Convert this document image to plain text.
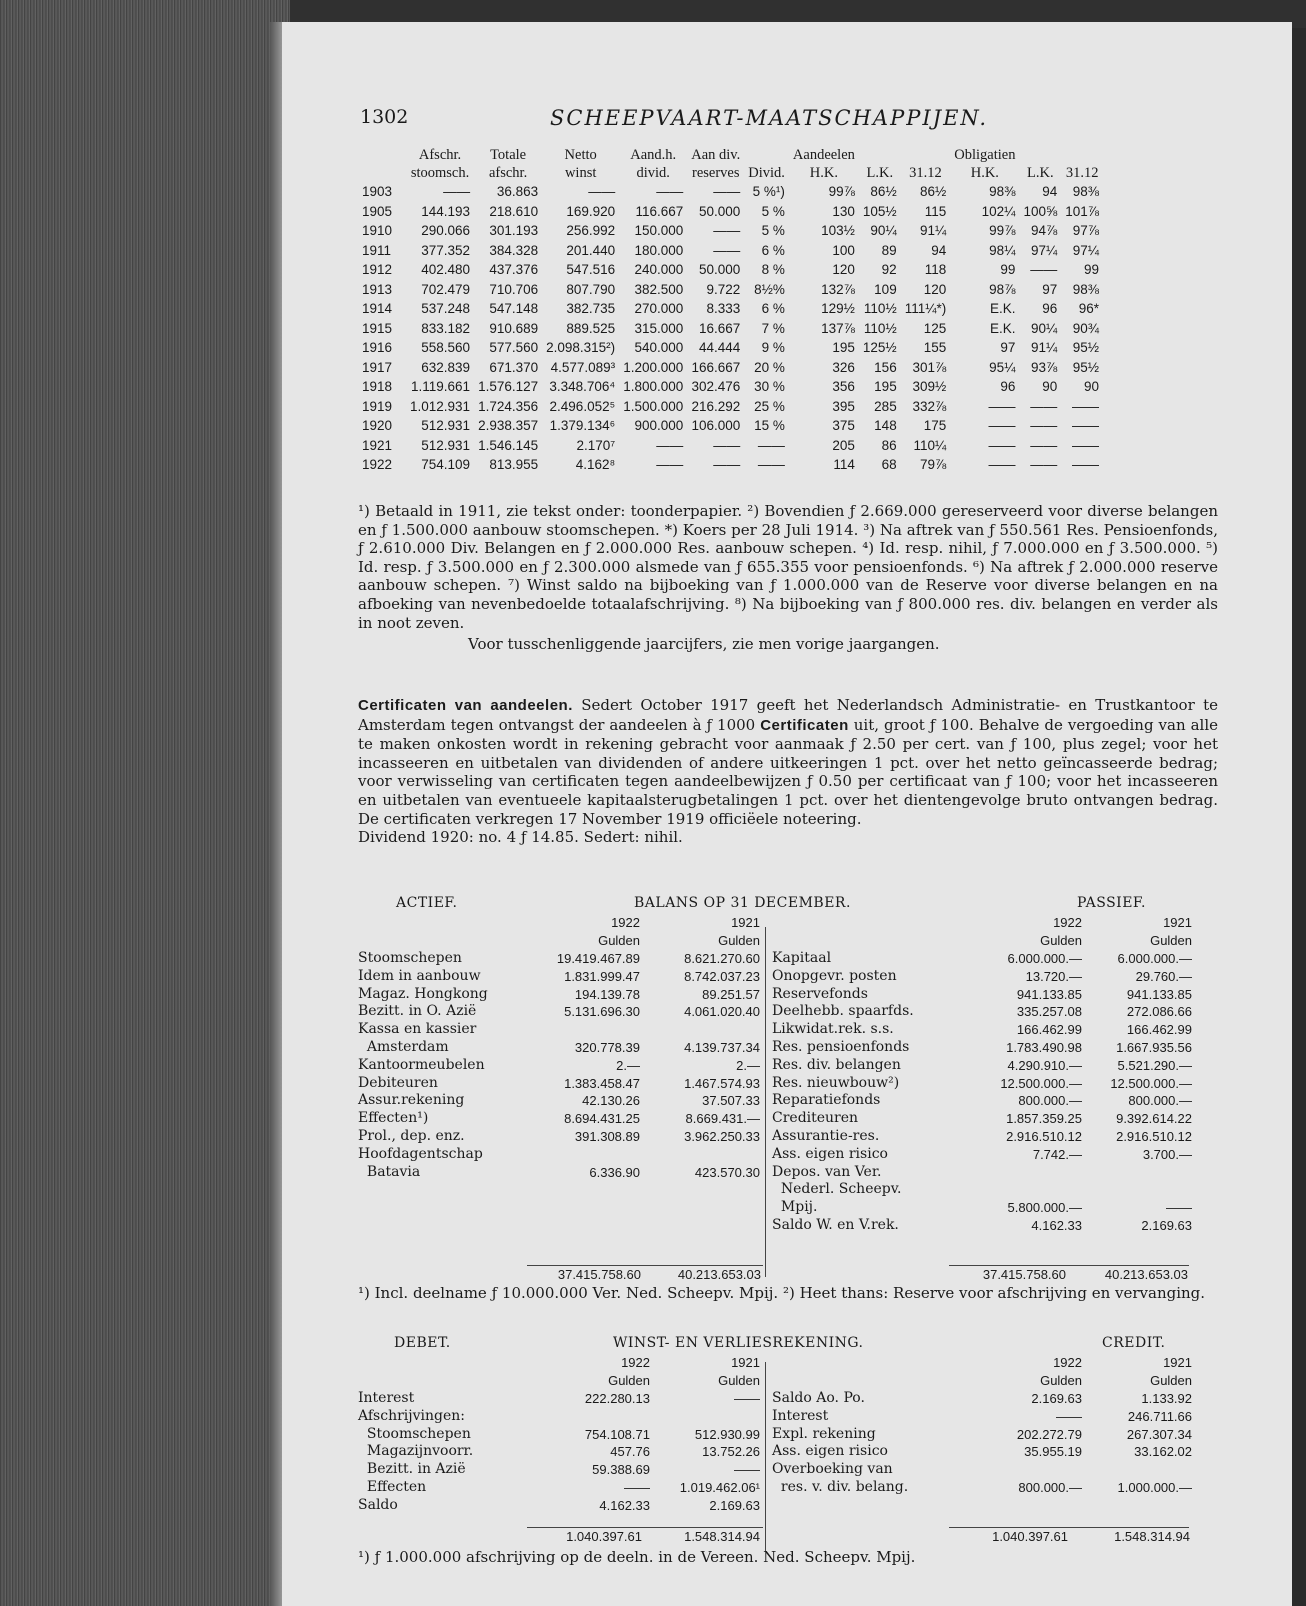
1302	SCHEEPVAART-MAATSCHAPPIJEN.
	Afschr.	Totale	Netto	Aand.h.	Aan div.		Aandeelen			Obligatien		
	stoomsch.	afschr.	winst	divid.	reserves	Divid.	H.K.	L.K.	31.12	H.K.	L.K.	31.12
1903	——	36.863	——	——	——	5 %¹)	99⅞	86½	86½	98⅜	94	98⅜
1905	144.193	218.610	169.920	116.667	50.000	5 %	130	105½	115	102¼	100⅝	101⅞
1910	290.066	301.193	256.992	150.000	——	5 %	103½	90¼	91¼	99⅞	94⅞	97⅞
1911	377.352	384.328	201.440	180.000	——	6 %	100	89	94	98¼	97¼	97¼
1912	402.480	437.376	547.516	240.000	50.000	8 %	120	92	118	99	——	99
1913	702.479	710.706	807.790	382.500	9.722	8½%	132⅞	109	120	98⅞	97	98⅜
1914	537.248	547.148	382.735	270.000	8.333	6 %	129½	110½	111¼*)	E.K.	96	96*
1915	833.182	910.689	889.525	315.000	16.667	7 %	137⅞	110½	125	E.K.	90¼	90¾
1916	558.560	577.560	2.098.315²)	540.000	44.444	9 %	195	125½	155	97	91¼	95½
1917	632.839	671.370	4.577.089³	1.200.000	166.667	20 %	326	156	301⅞	95¼	93⅞	95½
1918	1.119.661	1.576.127	3.348.706⁴	1.800.000	302.476	30 %	356	195	309½	96	90	90
1919	1.012.931	1.724.356	2.496.052⁵	1.500.000	216.292	25 %	395	285	332⅞	——	——	——
1920	512.931	2.938.357	1.379.134⁶	900.000	106.000	15 %	375	148	175	——	——	——
1921	512.931	1.546.145	2.170⁷	——	——	——	205	86	110¼	——	——	——
1922	754.109	813.955	4.162⁸	——	——	——	114	68	79⅞	——	——	——

¹) Betaald in 1911, zie tekst onder: toonderpapier. ²) Bovendien ƒ 2.669.000 gereserveerd voor diverse belangen en ƒ 1.500.000 aanbouw stoomschepen. *) Koers per 28 Juli 1914. ³) Na aftrek van ƒ 550.561 Res. Pensioenfonds, ƒ 2.610.000 Div. Belangen en ƒ 2.000.000 Res. aanbouw schepen. ⁴) Id. resp. nihil, ƒ 7.000.000 en ƒ 3.500.000. ⁵) Id. resp. ƒ 3.500.000 en ƒ 2.300.000 alsmede van ƒ 655.355 voor pensioenfonds. ⁶) Na aftrek ƒ 2.000.000 reserve aanbouw schepen. ⁷) Winst saldo na bijboeking van ƒ 1.000.000 van de Reserve voor diverse belangen en na afboeking van nevenbedoelde totaalafschrijving. ⁸) Na bijboeking van ƒ 800.000 res. div. belangen en verder als in noot zeven.

Voor tusschenliggende jaarcijfers, zie men vorige jaargangen.

Certificaten van aandeelen. Sedert October 1917 geeft het Nederlandsch Administratie- en Trustkantoor te Amsterdam tegen ontvangst der aandeelen à ƒ 1000 Certificaten uit, groot ƒ 100. Behalve de vergoeding van alle te maken onkosten wordt in rekening gebracht voor aanmaak ƒ 2.50 per cert. van ƒ 100, plus zegel; voor het incasseeren en uitbetalen van dividenden of andere uitkeeringen 1 pct. over het netto geïncasseerde bedrag; voor verwisseling van certificaten tegen aandeelbewijzen ƒ 0.50 per certificaat van ƒ 100; voor het incasseeren en uitbetalen van eventueele kapitaalsterugbetalingen 1 pct. over het dientengevolge bruto ontvangen bedrag. De certificaten verkregen 17 November 1919 officiëele noteering.

Dividend 1920: no. 4 ƒ 14.85. Sedert: nihil.

ACTIEF.	BALANS OP 31 DECEMBER.	PASSIEF.
	1922	1921
	Gulden	Gulden
Stoomschepen	19.419.467.89	8.621.270.60
Idem in aanbouw	1.831.999.47	8.742.037.23
Magaz. Hongkong	194.139.78	89.251.57
Bezitt. in O. Azië	5.131.696.30	4.061.020.40
Kassa en kassier		
Amsterdam	320.778.39	4.139.737.34
Kantoormeubelen	2.—	2.—
Debiteuren	1.383.458.47	1.467.574.93
Assur.rekening	42.130.26	37.507.33
Effecten¹)	8.694.431.25	8.669.431.—
Prol., dep. enz.	391.308.89	3.962.250.33
Hoofdagentschap		
Batavia	6.336.90	423.570.30
	1922	1921
	Gulden	Gulden
Kapitaal	6.000.000.—	6.000.000.—
Onopgevr. posten	13.720.—	29.760.—
Reservefonds	941.133.85	941.133.85
Deelhebb. spaarfds.	335.257.08	272.086.66
Likwidat.rek. s.s.	166.462.99	166.462.99
Res. pensioenfonds	1.783.490.98	1.667.935.56
Res. div. belangen	4.290.910.—	5.521.290.—
Res. nieuwbouw²)	12.500.000.—	12.500.000.—
Reparatiefonds	800.000.—	800.000.—
Crediteuren	1.857.359.25	9.392.614.22
Assurantie-res.	2.916.510.12	2.916.510.12
Ass. eigen risico	7.742.—	3.700.—
Depos. van Ver.		
Nederl. Scheepv.		
Mpij.	5.800.000.—	——
Saldo W. en V.rek.	4.162.33	2.169.63
37.415.758.60	40.213.653.03	37.415.758.60	40.213.653.03
¹) Incl. deelname ƒ 10.000.000 Ver. Ned. Scheepv. Mpij. ²) Heet thans: Reserve voor afschrijving en vervanging.
DEBET.	WINST- EN VERLIESREKENING.	CREDIT.
	1922	1921
	Gulden	Gulden
Interest	222.280.13	——
Afschrijvingen:		
Stoomschepen	754.108.71	512.930.99
Magazijnvoorr.	457.76	13.752.26
Bezitt. in Azië	59.388.69	——
Effecten	——	1.019.462.06¹
Saldo	4.162.33	2.169.63
	1922	1921
	Gulden	Gulden
Saldo Ao. Po.	2.169.63	1.133.92
Interest	——	246.711.66
Expl. rekening	202.272.79	267.307.34
Ass. eigen risico	35.955.19	33.162.02
Overboeking van		
res. v. div. belang.	800.000.—	1.000.000.—
1.040.397.61	1.548.314.94	1.040.397.61	1.548.314.94
¹) ƒ 1.000.000 afschrijving op de deeln. in de Vereen. Ned. Scheepv. Mpij.
